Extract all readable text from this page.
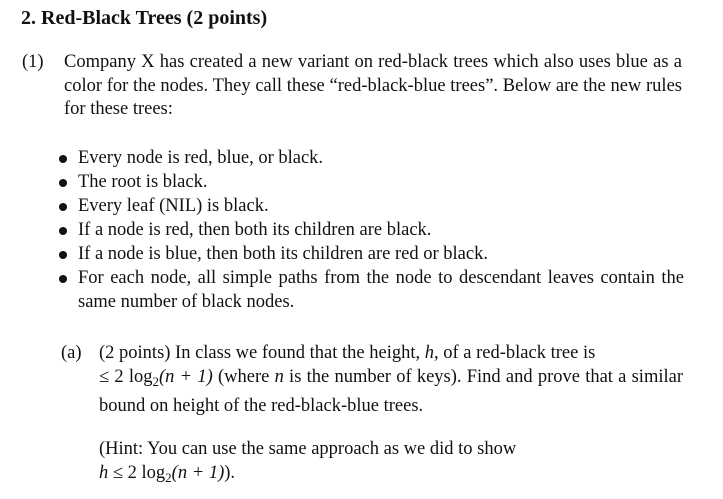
2. Red-Black Trees (2 points)
(1) Company X has created a new variant on red-black trees which also uses blue as a color for the nodes. They call these “red-black-blue trees”. Below are the new rules for these trees:
Every node is red, blue, or black.
The root is black.
Every leaf (NIL) is black.
If a node is red, then both its children are black.
If a node is blue, then both its children are red or black.
For each node, all simple paths from the node to descendant leaves contain the same number of black nodes.
(a) (2 points) In class we found that the height, h, of a red-black tree is
≤ 2 $\log_2(n + 1)$ (where n is the number of keys). Find and prove that a similar bound on height of the red-black-blue trees.
(Hint: You can use the same approach as we did to show
h ≤ 2 $\log_2(n + 1)$).
